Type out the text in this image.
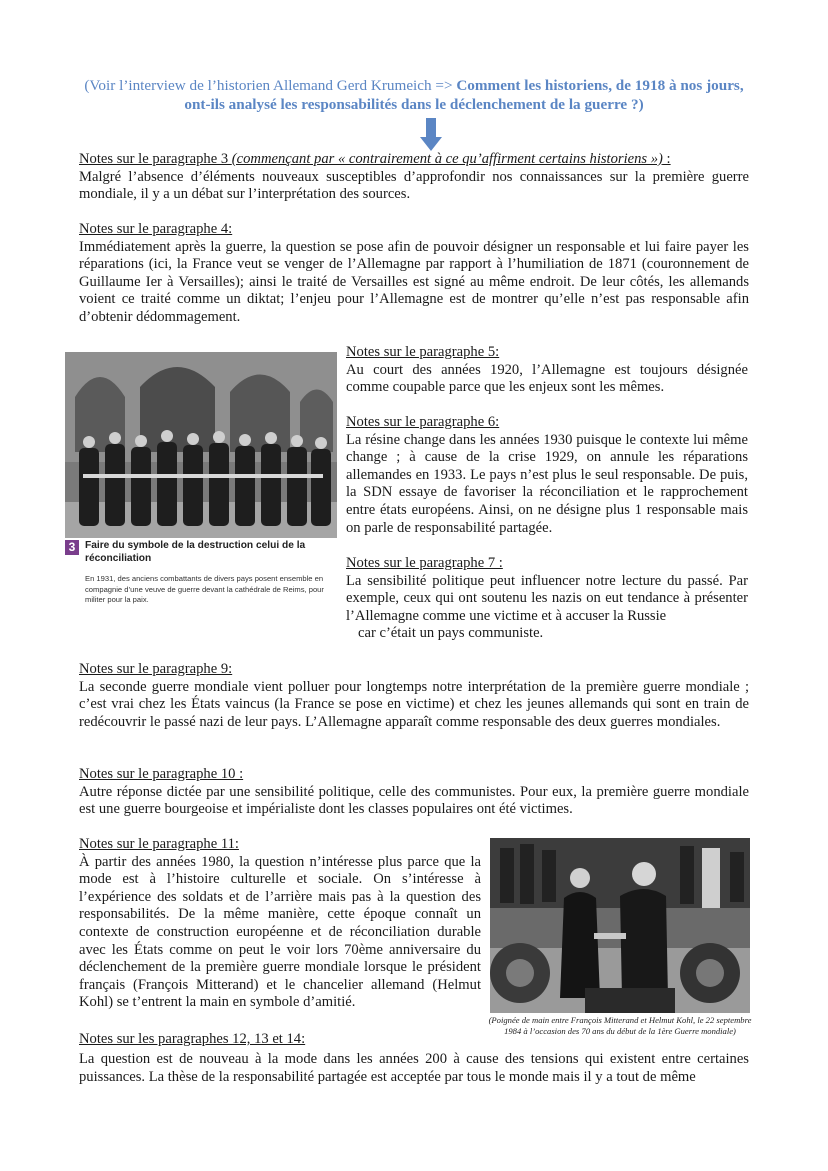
(Voir l’interview de l’historien Allemand Gerd Krumeich => Comment les historiens, de 1918 à nos jours,
ont-ils analysé les responsabilités dans le déclenchement de la guerre ?)
Notes sur le paragraphe 3 (commençant par « contrairement à ce qu’affirment certains historiens ») :

Malgré l’absence d’éléments nouveaux susceptibles d’approfondir nos connaissances sur la première guerre mondiale, il y a un débat sur l’interprétation des sources.

Notes sur le paragraphe 4:

Immédiatement après la guerre, la question se pose afin de pouvoir désigner un responsable et lui faire payer les réparations (ici, la France veut se venger de l’Allemagne par rapport à l’humiliation de 1871 (couronnement de Guillaume Ier à Versailles); ainsi le traité de Versailles est signé au même endroit. De leur côtés, les allemands voient ce traité comme un diktat; l’enjeu pour l’Allemagne est de montrer qu’elle n’est pas responsable afin d’obtenir dédommagement.

3 Faire du symbole de la destruction celui de la réconciliation
En 1931, des anciens combattants de divers pays posent ensemble en compagnie d’une veuve de guerre devant la cathédrale de Reims, pour militer pour la paix.
Notes sur le paragraphe 5:

Au court des années 1920, l’Allemagne est toujours désignée comme coupable parce que les enjeux sont les mêmes.

Notes sur le paragraphe 6:

La résine change dans les années 1930 puisque le contexte lui même change ; à cause de la crise 1929, on annule les réparations allemandes en 1933. Le pays n’est plus le seul responsable. De puis, la SDN essaye de favoriser la réconciliation et le rapprochement entre états européens. Ainsi, on ne désigne plus 1 responsable mais on parle de responsabilité partagée.

Notes sur le paragraphe 7 :

La sensibilité politique peut influencer notre lecture du passé. Par exemple, ceux qui ont soutenu les nazis on eut tendance à présenter l’Allemagne comme une victime et à accuser la Russie

car c’était un pays communiste.

Notes sur le paragraphe 9:

La seconde guerre mondiale vient polluer pour longtemps notre interprétation de la première guerre mondiale ; c’est vrai chez les États vaincus (la France se pose en victime) et chez les jeunes allemands qui sont en train de redécouvrir le passé nazi de leur pays. L’Allemagne apparaît comme responsable des deux guerres mondiales.

Notes sur le paragraphe 10 :

Autre réponse dictée par une sensibilité politique, celle des communistes. Pour eux, la première guerre mondiale est une guerre bourgeoise et impérialiste dont les classes populaires ont été victimes.

Notes sur le paragraphe 11:

À partir des années 1980, la question n’intéresse plus parce que la mode est à l’histoire culturelle et sociale. On s’intéresse à l’expérience des soldats et de l’arrière mais pas à la question des responsabilités. De la même manière, cette époque connaît un contexte de construction européenne et de réconciliation durable avec les États comme on peut le voir lors 70ème anniversaire du déclenchement de la première guerre mondiale lorsque le président français (François Mitterand) et le chancelier allemand (Helmut Kohl) se t’entrent la main en symbole d’amitié.

(Poignée de main entre François Mitterand et Helmut Kohl, le 22 septembre 1984 à l’occasion des 70 ans du début de la 1ère Guerre mondiale)
Notes sur les paragraphes 12, 13 et 14:

La question est de nouveau à la mode dans les années 200 à cause des tensions qui existent entre certaines puissances. La thèse de la responsabilité partagée est acceptée par tous le monde mais il y a tout de même
